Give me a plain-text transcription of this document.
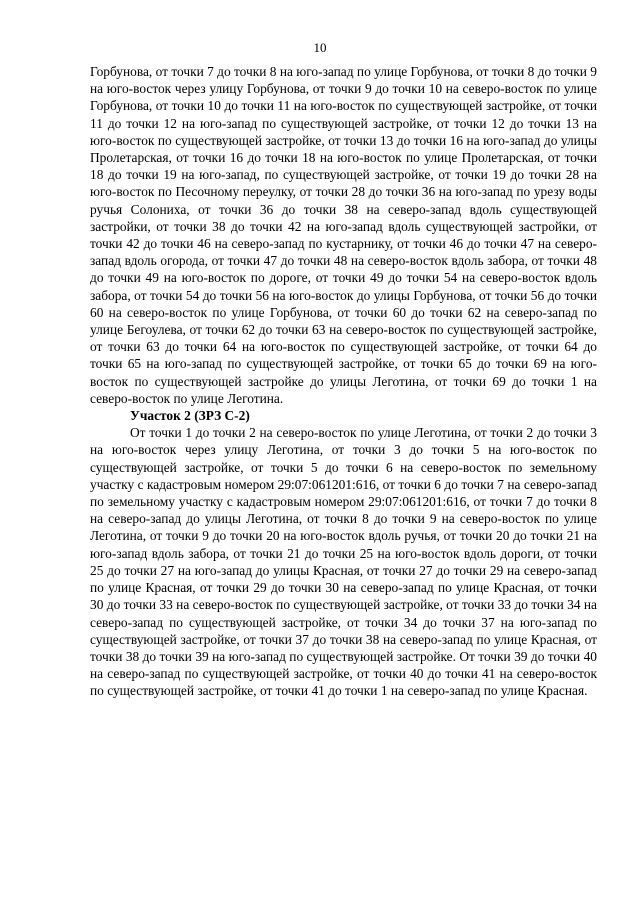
10

Горбунова, от точки 7 до точки 8 на юго-запад по улице Горбунова, от точки 8 до точки 9 на юго-восток через улицу Горбунова, от точки 9 до точки 10 на северо-восток по улице Горбунова, от точки 10 до точки 11 на юго-восток по существующей застройке, от точки 11 до точки 12 на юго-запад по существующей застройке, от точки 12 до точки 13 на юго-восток по существующей застройке, от точки 13 до точки 16 на юго-запад до улицы Пролетарская, от точки 16 до точки 18 на юго-восток по улице Пролетарская, от точки 18 до точки 19 на юго-запад, по существующей застройке, от точки 19 до точки 28 на юго-восток по Песочному переулку, от точки 28 до точки 36 на юго-запад по урезу воды ручья Солониха, от точки 36 до точки 38 на северо-запад вдоль существующей застройки, от точки 38 до точки 42 на юго-запад вдоль существующей застройки, от точки 42 до точки 46 на северо-запад по кустарнику, от точки 46 до точки 47 на северо-запад вдоль огорода, от точки 47 до точки 48 на северо-восток вдоль забора, от точки 48 до точки 49 на юго-восток по дороге, от точки 49 до точки 54 на северо-восток вдоль забора, от точки 54 до точки 56 на юго-восток до улицы Горбунова, от точки 56 до точки 60 на северо-восток по улице Горбунова, от точки 60 до точки 62 на северо-запад по улице Бегоулева, от точки 62 до точки 63 на северо-восток по существующей застройке, от точки 63 до точки 64 на юго-восток по существующей застройке, от точки 64 до точки 65 на юго-запад по существующей застройке, от точки 65 до точки 69 на юго-восток по существующей застройке до улицы Леготина, от точки 69 до точки 1 на северо-восток по улице Леготина.

Участок 2 (ЗРЗ С-2)

От точки 1 до точки 2 на северо-восток по улице Леготина, от точки 2 до точки 3 на юго-восток через улицу Леготина, от точки 3 до точки 5 на юго-восток по существующей застройке, от точки 5 до точки 6 на северо-восток по земельному участку с кадастровым номером 29:07:061201:616, от точки 6 до точки 7 на северо-запад по земельному участку с кадастровым номером 29:07:061201:616, от точки 7 до точки 8 на северо-запад до улицы Леготина, от точки 8 до точки 9 на северо-восток по улице Леготина, от точки 9 до точки 20 на юго-восток вдоль ручья, от точки 20 до точки 21 на юго-запад вдоль забора, от точки 21 до точки 25 на юго-восток вдоль дороги, от точки 25 до точки 27 на юго-запад до улицы Красная, от точки 27 до точки 29 на северо-запад по улице Красная, от точки 29 до точки 30 на северо-запад по улице Красная, от точки 30 до точки 33 на северо-восток по существующей застройке, от точки 33 до точки 34 на северо-запад по существующей застройке, от точки 34 до точки 37 на юго-запад по существующей застройке, от точки 37 до точки 38 на северо-запад по улице Красная, от точки 38 до точки 39 на юго-запад по существующей застройке. От точки 39 до точки 40 на северо-запад по существующей застройке, от точки 40 до точки 41 на северо-восток по существующей застройке, от точки 41 до точки 1 на северо-запад по улице Красная.
